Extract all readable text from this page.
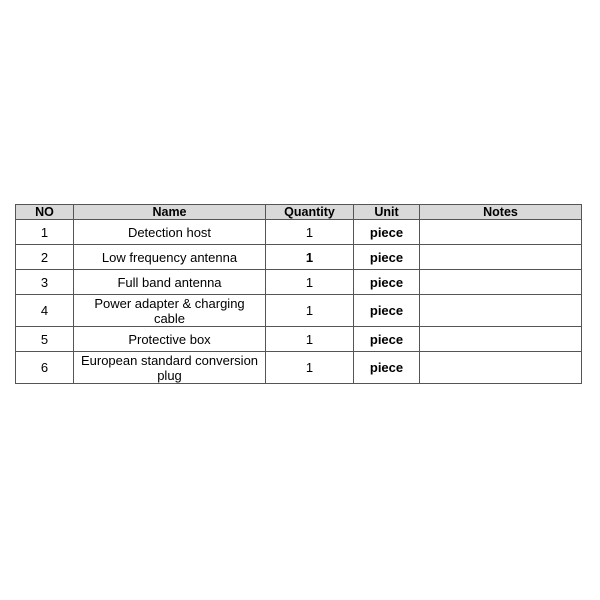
NO	Name	Quantity	Unit	Notes
1	Detection host	1	piece	
2	Low frequency antenna	1	piece	
3	Full band antenna	1	piece	
4	Power adapter & charging cable	1	piece	
5	Protective box	1	piece	
6	European standard conversion plug	1	piece	
